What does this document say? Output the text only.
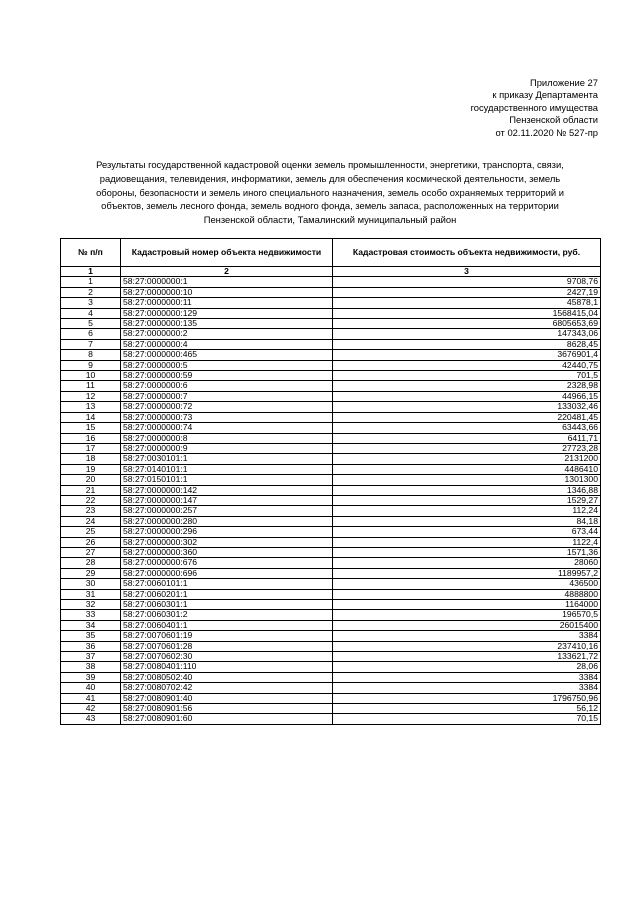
Приложение 27
к приказу Департамента
государственного имущества
Пензенской области
от 02.11.2020 № 527-пр
Результаты государственной кадастровой оценки земель промышленности, энергетики, транспорта, связи,
радиовещания, телевидения, информатики, земель для обеспечения космической деятельности, земель
обороны, безопасности и земель иного специального назначения, земель особо охраняемых территорий и
объектов, земель лесного фонда, земель водного фонда, земель запаса, расположенных на территории
Пензенской области, Тамалинский муниципальный район
№ п/п	Кадастровый номер объекта недвижимости	Кадастровая стоимость объекта недвижимости, руб.
1	2	3
1	58:27:0000000:1	9708,76
2	58:27:0000000:10	2427,19
3	58:27:0000000:11	45878,1
4	58:27:0000000:129	1568415,04
5	58:27:0000000:135	6805653,69
6	58:27:0000000:2	147343,06
7	58:27:0000000:4	8628,45
8	58:27:0000000:465	3676901,4
9	58:27:0000000:5	42440,75
10	58:27:0000000:59	701,5
11	58:27:0000000:6	2328,98
12	58:27:0000000:7	44966,15
13	58:27:0000000:72	133032,46
14	58:27:0000000:73	220481,45
15	58:27:0000000:74	63443,66
16	58:27:0000000:8	6411,71
17	58:27:0000000:9	27723,28
18	58:27:0030101:1	2131200
19	58:27:0140101:1	4486410
20	58:27:0150101:1	1301300
21	58:27:0000000:142	1346,88
22	58:27:0000000:147	1529,27
23	58:27:0000000:257	112,24
24	58:27:0000000:280	84,18
25	58:27:0000000:296	673,44
26	58:27:0000000:302	1122,4
27	58:27:0000000:360	1571,36
28	58:27:0000000:676	28060
29	58:27:0000000:696	1189957,2
30	58:27:0060101:1	436500
31	58:27:0060201:1	4888800
32	58:27:0060301:1	1164000
33	58:27:0060301:2	196570,5
34	58:27:0060401:1	26015400
35	58:27:0070601:19	3384
36	58:27:0070601:28	237410,16
37	58:27:0070602:30	133621,72
38	58:27:0080401:110	28,06
39	58:27:0080502:40	3384
40	58:27:0080702:42	3384
41	58:27:0080901:40	1796750,96
42	58:27:0080901:56	56,12
43	58:27:0080901:60	70,15
